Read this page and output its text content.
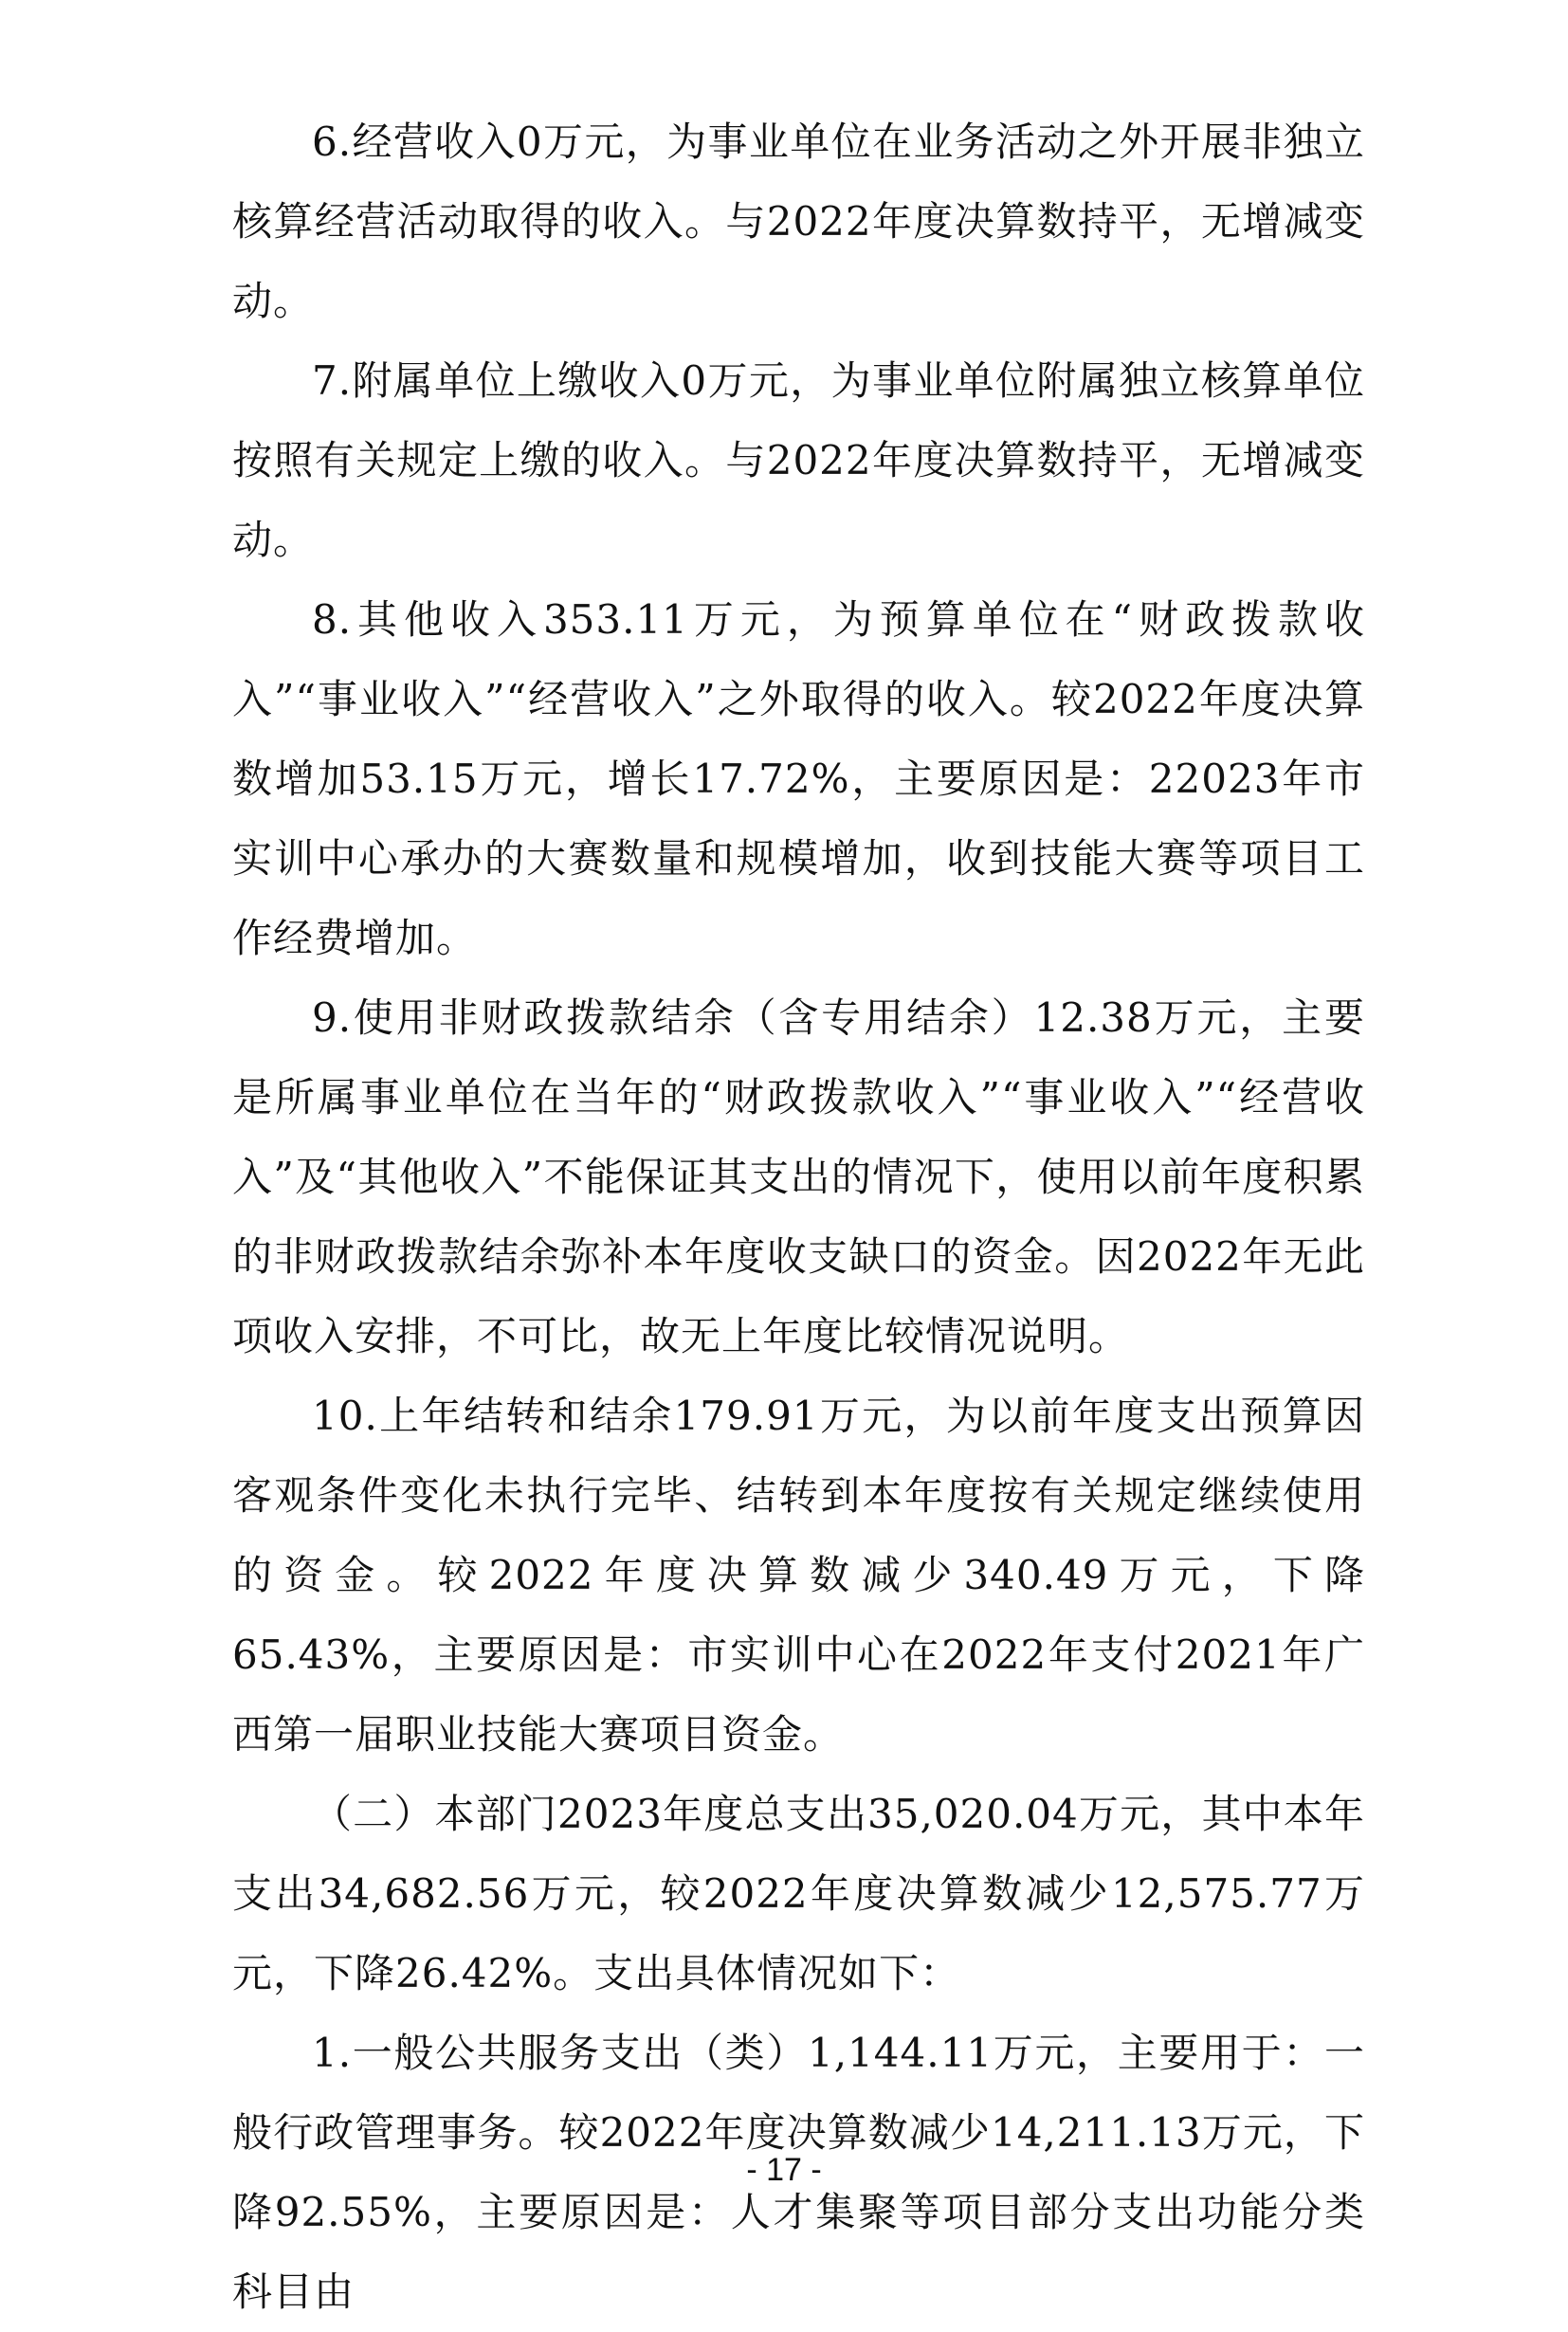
6.经营收入0万元，为事业单位在业务活动之外开展非独立核算经营活动取得的收入。与2022年度决算数持平，无增减变动。

7.附属单位上缴收入0万元，为事业单位附属独立核算单位按照有关规定上缴的收入。与2022年度决算数持平，无增减变动。

8.其他收入353.11万元，为预算单位在“财政拨款收入”“事业收入”“经营收入”之外取得的收入。较2022年度决算数增加53.15万元，增长17.72%，主要原因是：22023年市实训中心承办的大赛数量和规模增加，收到技能大赛等项目工作经费增加。

9.使用非财政拨款结余（含专用结余）12.38万元，主要是所属事业单位在当年的“财政拨款收入”“事业收入”“经营收入”及“其他收入”不能保证其支出的情况下，使用以前年度积累的非财政拨款结余弥补本年度收支缺口的资金。因2022年无此项收入安排，不可比，故无上年度比较情况说明。

10.上年结转和结余179.91万元，为以前年度支出预算因客观条件变化未执行完毕、结转到本年度按有关规定继续使用的资金。较2022年度决算数减少340.49万元，下降65.43%，主要原因是：市实训中心在2022年支付2021年广西第一届职业技能大赛项目资金。

（二）本部门2023年度总支出35,020.04万元，其中本年支出34,682.56万元，较2022年度决算数减少12,575.77万元，下降26.42%。支出具体情况如下：

1.一般公共服务支出（类）1,144.11万元，主要用于：一般行政管理事务。较2022年度决算数减少14,211.13万元，下降92.55%，主要原因是：人才集聚等项目部分支出功能分类科目由

- 17 -
